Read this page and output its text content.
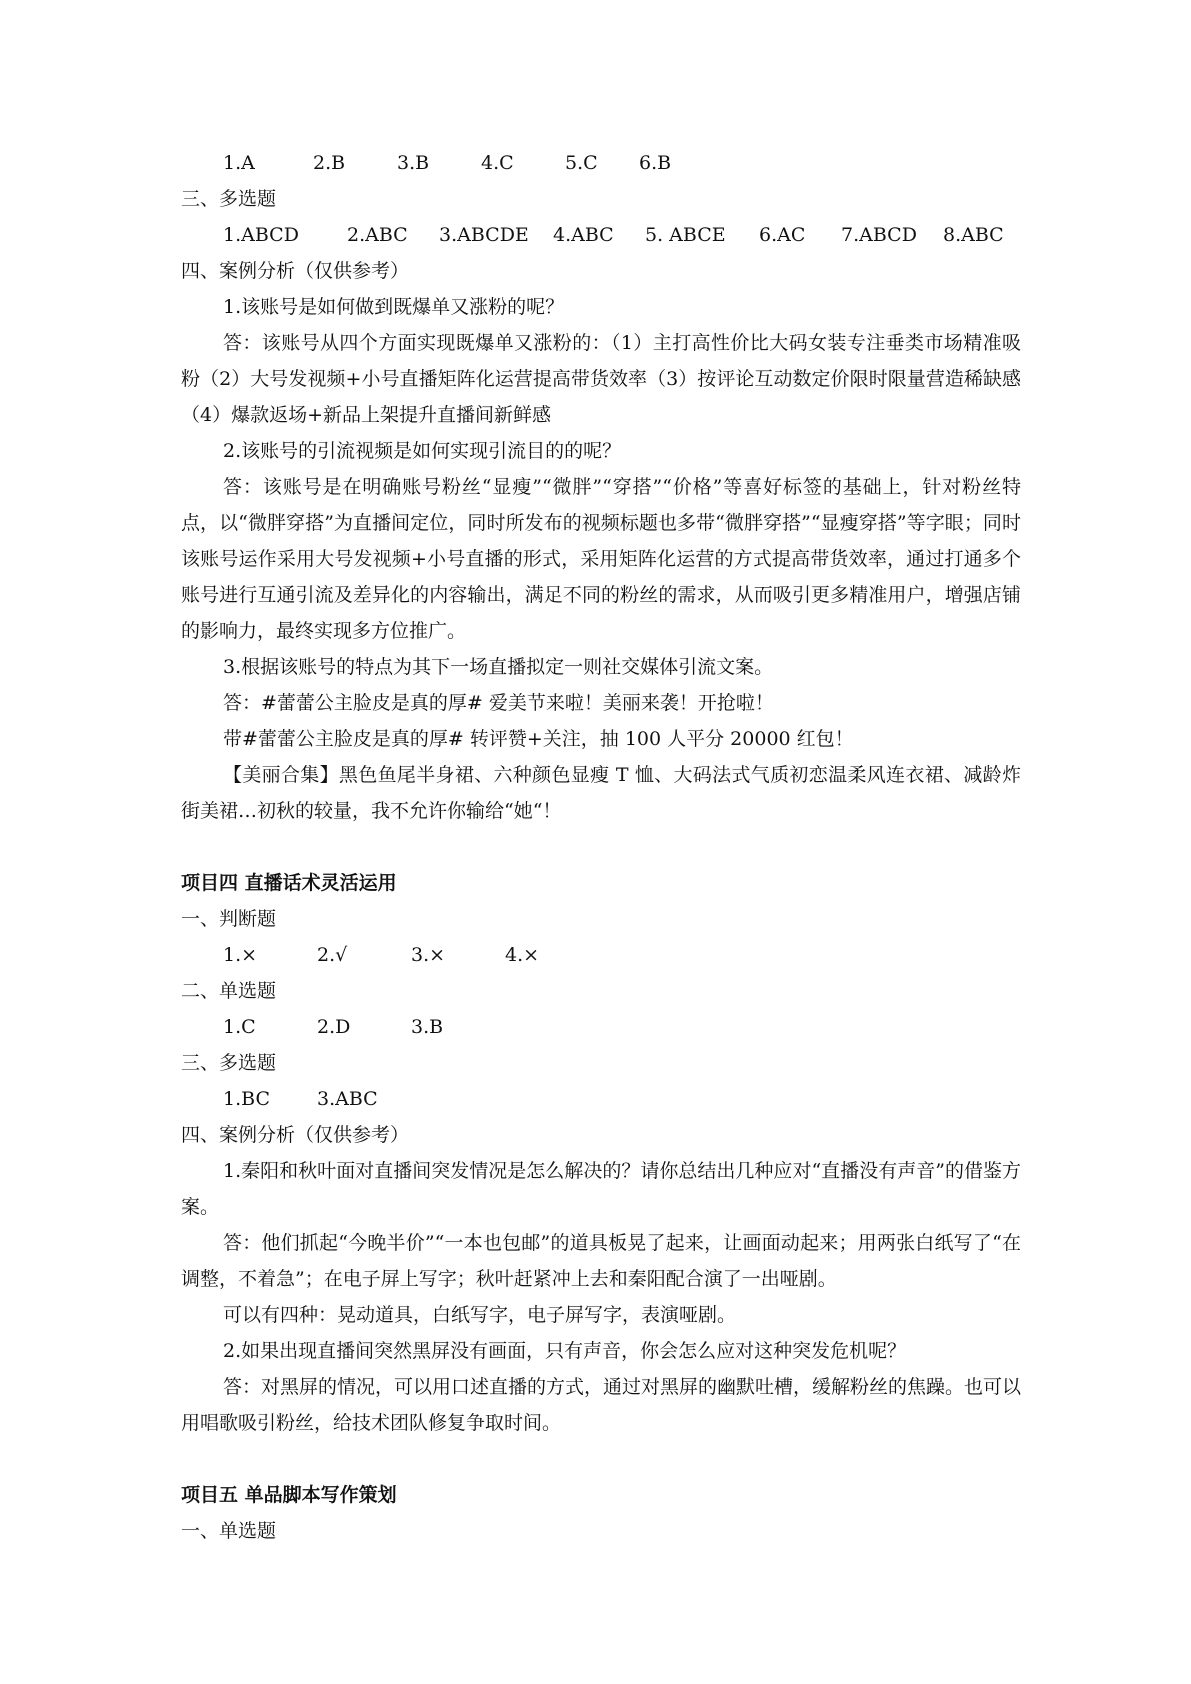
1.A	2.B	3.B	4.C	5.C 6.B
三、多选题
1.ABCD	2.ABC 3.ABCDE 4.ABC 5. ABCE 6.AC 7.ABCD 8.ABC
四、案例分析（仅供参考）
1.该账号是如何做到既爆单又涨粉的呢？
答：该账号从四个方面实现既爆单又涨粉的：（1）主打高性价比大码女装专注垂类市场精准吸粉（2）大号发视频+小号直播矩阵化运营提高带货效率（3）按评论互动数定价限时限量营造稀缺感（4）爆款返场+新品上架提升直播间新鲜感
2.该账号的引流视频是如何实现引流目的的呢？
答：该账号是在明确账号粉丝“显瘦”“微胖”“穿搭”“价格”等喜好标签的基础上，针对粉丝特点，以“微胖穿搭”为直播间定位，同时所发布的视频标题也多带“微胖穿搭”“显瘦穿搭”等字眼；同时该账号运作采用大号发视频+小号直播的形式，采用矩阵化运营的方式提高带货效率，通过打通多个账号进行互通引流及差异化的内容输出，满足不同的粉丝的需求，从而吸引更多精准用户，增强店铺的影响力，最终实现多方位推广。
3.根据该账号的特点为其下一场直播拟定一则社交媒体引流文案。
答：#蕾蕾公主脸皮是真的厚# 爱美节来啦！美丽来袭！开抢啦！
带#蕾蕾公主脸皮是真的厚# 转评赞+关注，抽 100 人平分 20000 红包！
【美丽合集】黑色鱼尾半身裙、六种颜色显瘦 T 恤、大码法式气质初恋温柔风连衣裙、减龄炸街美裙…初秋的较量，我不允许你输给“她“！
项目四 直播话术灵活运用
一、判断题
1.×	2.√	3.×	4.×
二、单选题
1.C	2.D	3.B
三、多选题
1.BC 3.ABC
四、案例分析（仅供参考）
1.秦阳和秋叶面对直播间突发情况是怎么解决的？请你总结出几种应对“直播没有声音”的借鉴方案。
答：他们抓起“今晚半价”“一本也包邮”的道具板晃了起来，让画面动起来；用两张白纸写了“在调整，不着急”；在电子屏上写字；秋叶赶紧冲上去和秦阳配合演了一出哑剧。
可以有四种：晃动道具，白纸写字，电子屏写字，表演哑剧。
2.如果出现直播间突然黑屏没有画面，只有声音，你会怎么应对这种突发危机呢？
答：对黑屏的情况，可以用口述直播的方式，通过对黑屏的幽默吐槽，缓解粉丝的焦躁。也可以用唱歌吸引粉丝，给技术团队修复争取时间。
项目五 单品脚本写作策划
一、单选题
